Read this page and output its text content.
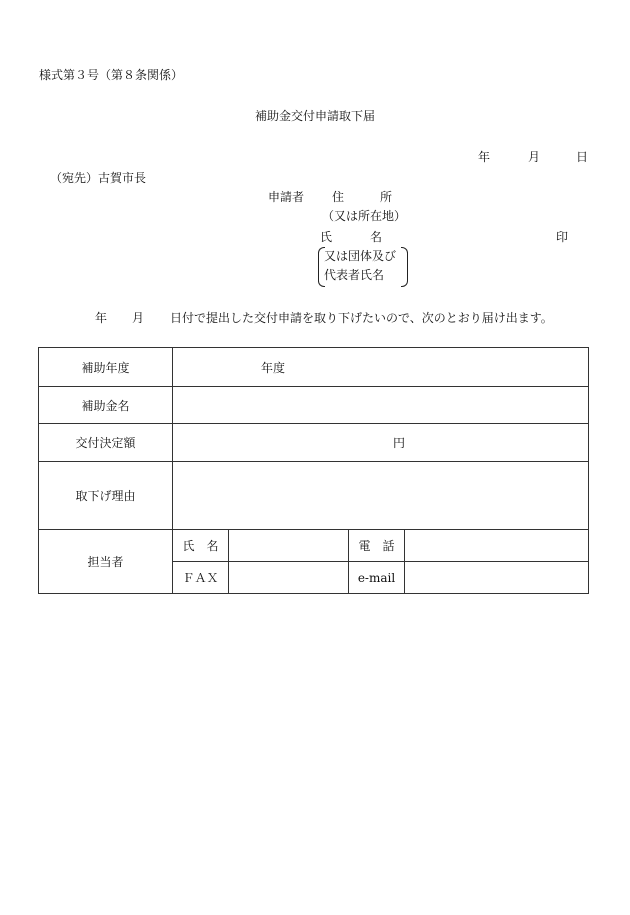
様式第３号（第８条関係）
補助金交付申請取下届
年	月	日
（宛先）古賀市長
申請者 住	所
（又は所在地）
氏	名	印
又は団体及び
代表者氏名
年 月 日付で提出した交付申請を取り下げたいので、次のとおり届け出ます。
補助年度	年度			
補助金名				
交付決定額	円			
取下げ理由				
担当者	氏　名		電　話	
	ＦＡＸ		e-mail	
